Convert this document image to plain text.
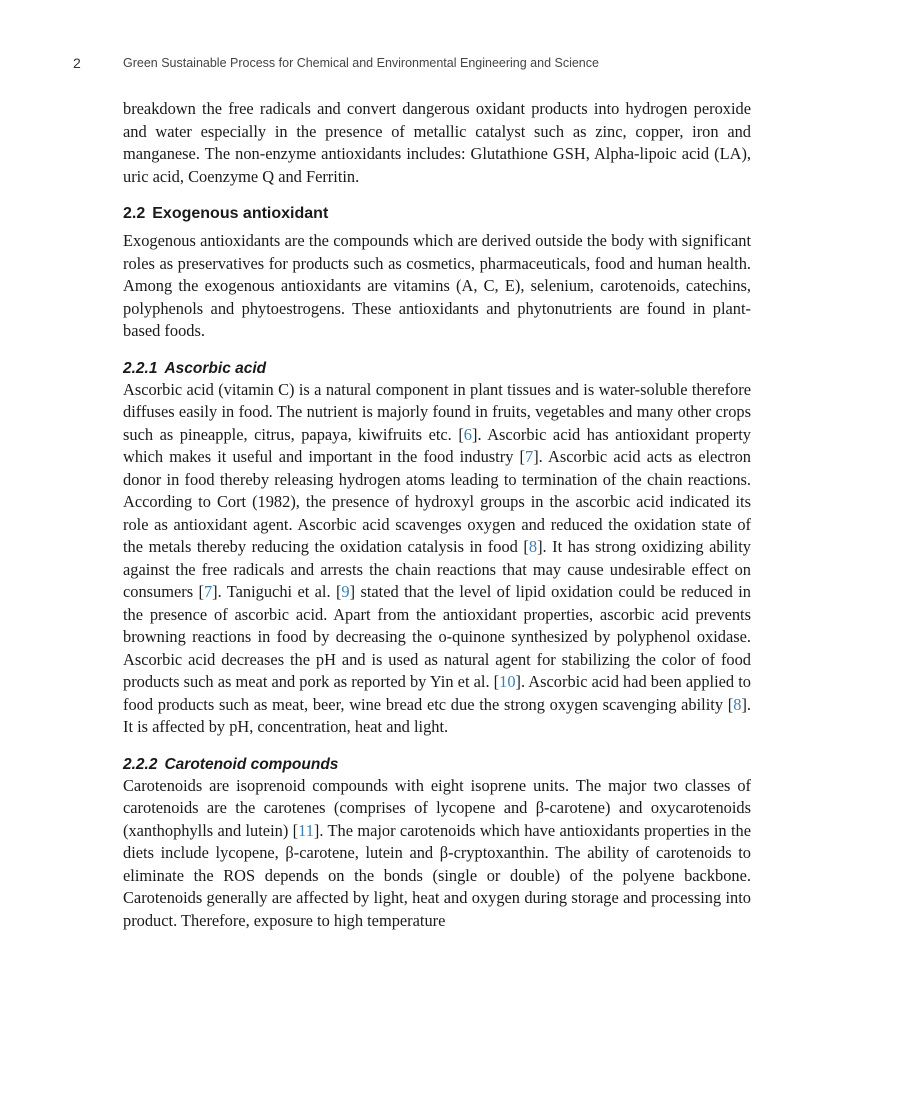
2	Green Sustainable Process for Chemical and Environmental Engineering and Science

breakdown the free radicals and convert dangerous oxidant products into hydrogen peroxide and water especially in the presence of metallic catalyst such as zinc, copper, iron and manganese. The non-enzyme antioxidants includes: Glutathione GSH, Alpha-lipoic acid (LA), uric acid, Coenzyme Q and Ferritin.

2.2 Exogenous antioxidant

Exogenous antioxidants are the compounds which are derived outside the body with significant roles as preservatives for products such as cosmetics, pharmaceuticals, food and human health. Among the exogenous antioxidants are vitamins (A, C, E), selenium, carotenoids, catechins, polyphenols and phytoestrogens. These antioxidants and phytonutrients are found in plant-based foods.

2.2.1 Ascorbic acid

Ascorbic acid (vitamin C) is a natural component in plant tissues and is water-soluble therefore diffuses easily in food. The nutrient is majorly found in fruits, vegetables and many other crops such as pineapple, citrus, papaya, kiwifruits etc. [6]. Ascorbic acid has antioxidant property which makes it useful and important in the food industry [7]. Ascorbic acid acts as electron donor in food thereby releasing hydrogen atoms leading to termination of the chain reactions. According to Cort (1982), the presence of hydroxyl groups in the ascorbic acid indicated its role as antioxidant agent. Ascorbic acid scavenges oxygen and reduced the oxidation state of the metals thereby reducing the oxidation catalysis in food [8]. It has strong oxidizing ability against the free radicals and arrests the chain reactions that may cause undesirable effect on consumers [7]. Taniguchi et al. [9] stated that the level of lipid oxidation could be reduced in the presence of ascorbic acid. Apart from the antioxidant properties, ascorbic acid prevents browning reactions in food by decreasing the o-quinone synthesized by polyphenol oxidase. Ascorbic acid decreases the pH and is used as natural agent for stabilizing the color of food products such as meat and pork as reported by Yin et al. [10]. Ascorbic acid had been applied to food products such as meat, beer, wine bread etc due the strong oxygen scavenging ability [8]. It is affected by pH, concentration, heat and light.

2.2.2 Carotenoid compounds

Carotenoids are isoprenoid compounds with eight isoprene units. The major two classes of carotenoids are the carotenes (comprises of lycopene and β-carotene) and oxycarotenoids (xanthophylls and lutein) [11]. The major carotenoids which have antioxidants properties in the diets include lycopene, β-carotene, lutein and β-cryptoxanthin. The ability of carotenoids to eliminate the ROS depends on the bonds (single or double) of the polyene backbone. Carotenoids generally are affected by light, heat and oxygen during storage and processing into product. Therefore, exposure to high temperature
